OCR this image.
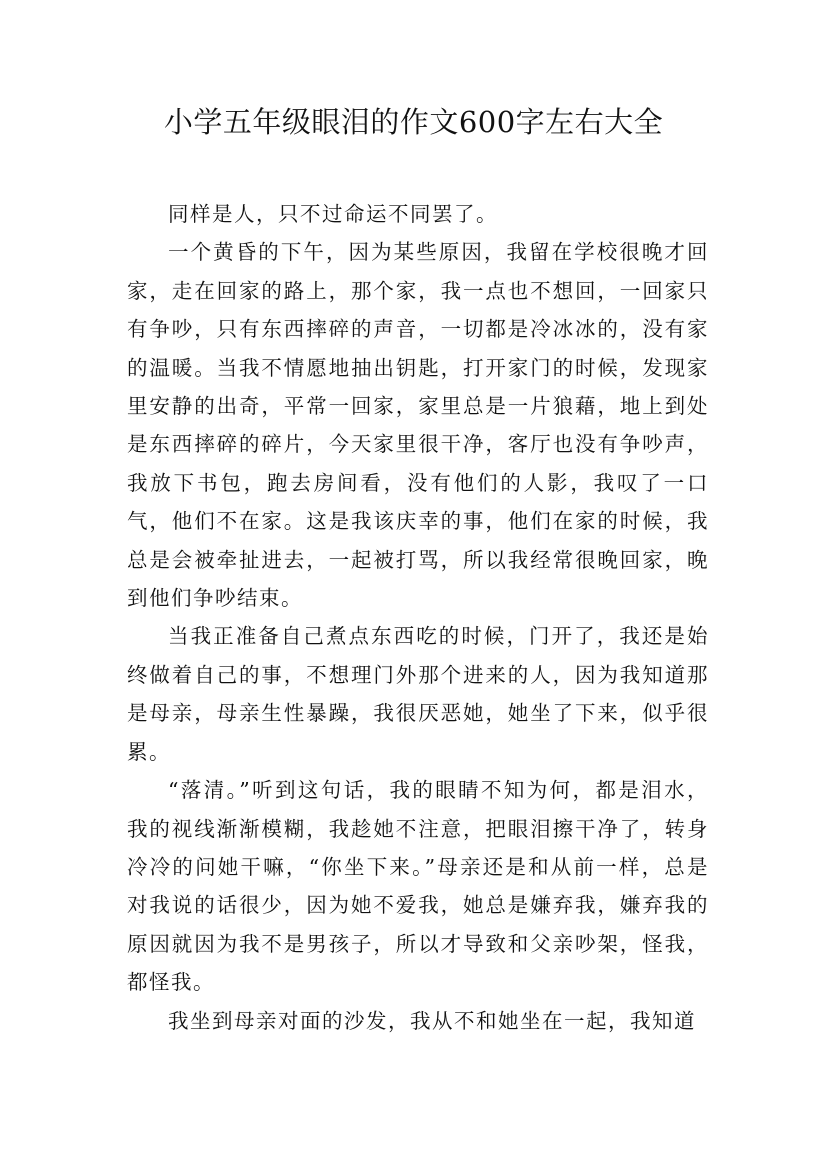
小学五年级眼泪的作文600字左右大全

同样是人，只不过命运不同罢了。

一个黄昏的下午，因为某些原因，我留在学校很晚才回家，走在回家的路上，那个家，我一点也不想回，一回家只有争吵，只有东西摔碎的声音，一切都是冷冰冰的，没有家的温暖。当我不情愿地抽出钥匙，打开家门的时候，发现家里安静的出奇，平常一回家，家里总是一片狼藉，地上到处是东西摔碎的碎片，今天家里很干净，客厅也没有争吵声，我放下书包，跑去房间看，没有他们的人影，我叹了一口气，他们不在家。这是我该庆幸的事，他们在家的时候，我总是会被牵扯进去，一起被打骂，所以我经常很晚回家，晚到他们争吵结束。

当我正准备自己煮点东西吃的时候，门开了，我还是始终做着自己的事，不想理门外那个进来的人，因为我知道那是母亲，母亲生性暴躁，我很厌恶她，她坐了下来，似乎很累。

“落清。”听到这句话，我的眼睛不知为何，都是泪水，我的视线渐渐模糊，我趁她不注意，把眼泪擦干净了，转身冷冷的问她干嘛，“你坐下来。”母亲还是和从前一样，总是对我说的话很少，因为她不爱我，她总是嫌弃我，嫌弃我的原因就因为我不是男孩子，所以才导致和父亲吵架，怪我，都怪我。

我坐到母亲对面的沙发，我从不和她坐在一起，我知道
